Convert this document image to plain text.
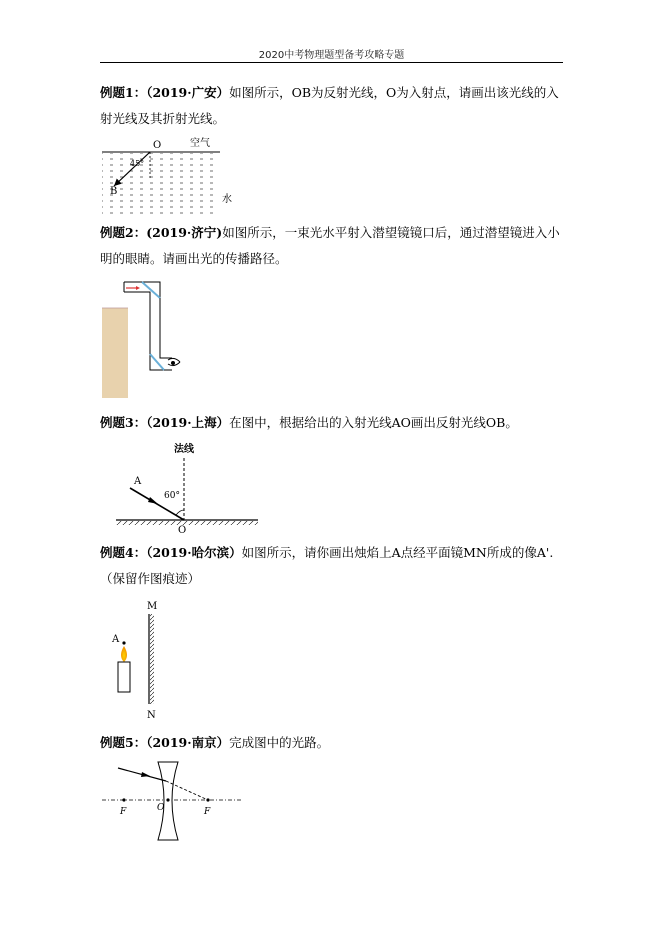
2020中考物理题型备考攻略专题
例题1：（2019·广安）如图所示，OB为反射光线，O为入射点，请画出该光线的入射光线及其折射光线。
O
B
45°
空气
水
例题2：(2019·济宁)如图所示，一束光水平射入潜望镜镜口后，通过潜望镜进入小明的眼睛。请画出光的传播路径。
例题3：（2019·上海）在图中，根据给出的入射光线AO画出反射光线OB。
法线
A
O
60°
例题4：（2019·哈尔滨）如图所示，请你画出烛焰上A点经平面镜MN所成的像A'.（保留作图痕迹）
M
N
A
例题5：（2019·南京）完成图中的光路。
F	O	F
